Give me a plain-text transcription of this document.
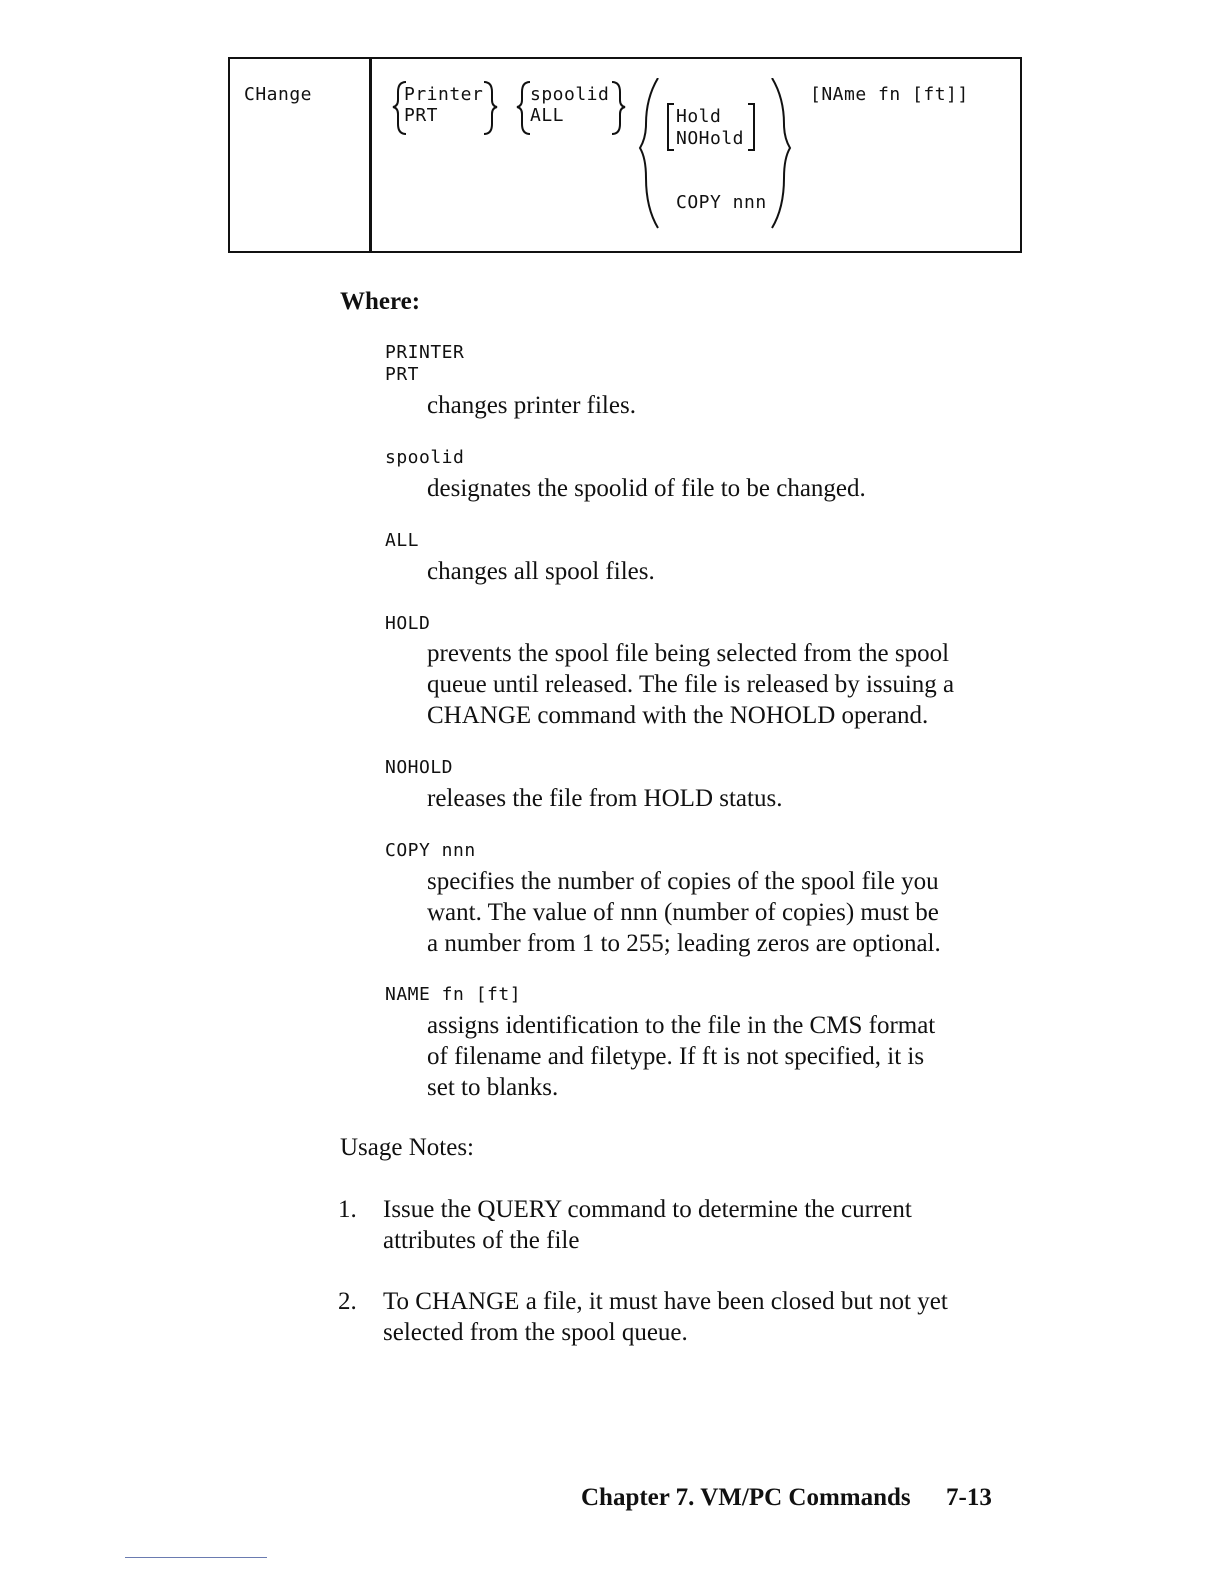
CHange	Printer
PRT
spoolid
ALL	Hold
NOHold
COPY nnn
[NAme fn [ft]]
Where:
PRINTER
PRT
changes printer files.
spoolid
designates the spoolid of file to be changed.
ALL
changes all spool files.
HOLD
prevents the spool file being selected from the spool
queue until released. The file is released by issuing a
CHANGE command with the NOHOLD operand.
NOHOLD
releases the file from HOLD status.
COPY nnn
specifies the number of copies of the spool file you
want. The value of nnn (number of copies) must be
a number from 1 to 255; leading zeros are optional.
NAME fn [ft]
assigns identification to the file in the CMS format
of filename and filetype. If ft is not specified, it is
set to blanks.
Usage Notes:
1. Issue the QUERY command to determine the current
attributes of the file
2. To CHANGE a file, it must have been closed but not yet
selected from the spool queue.
Chapter 7. VM/PC Commands 7-13
